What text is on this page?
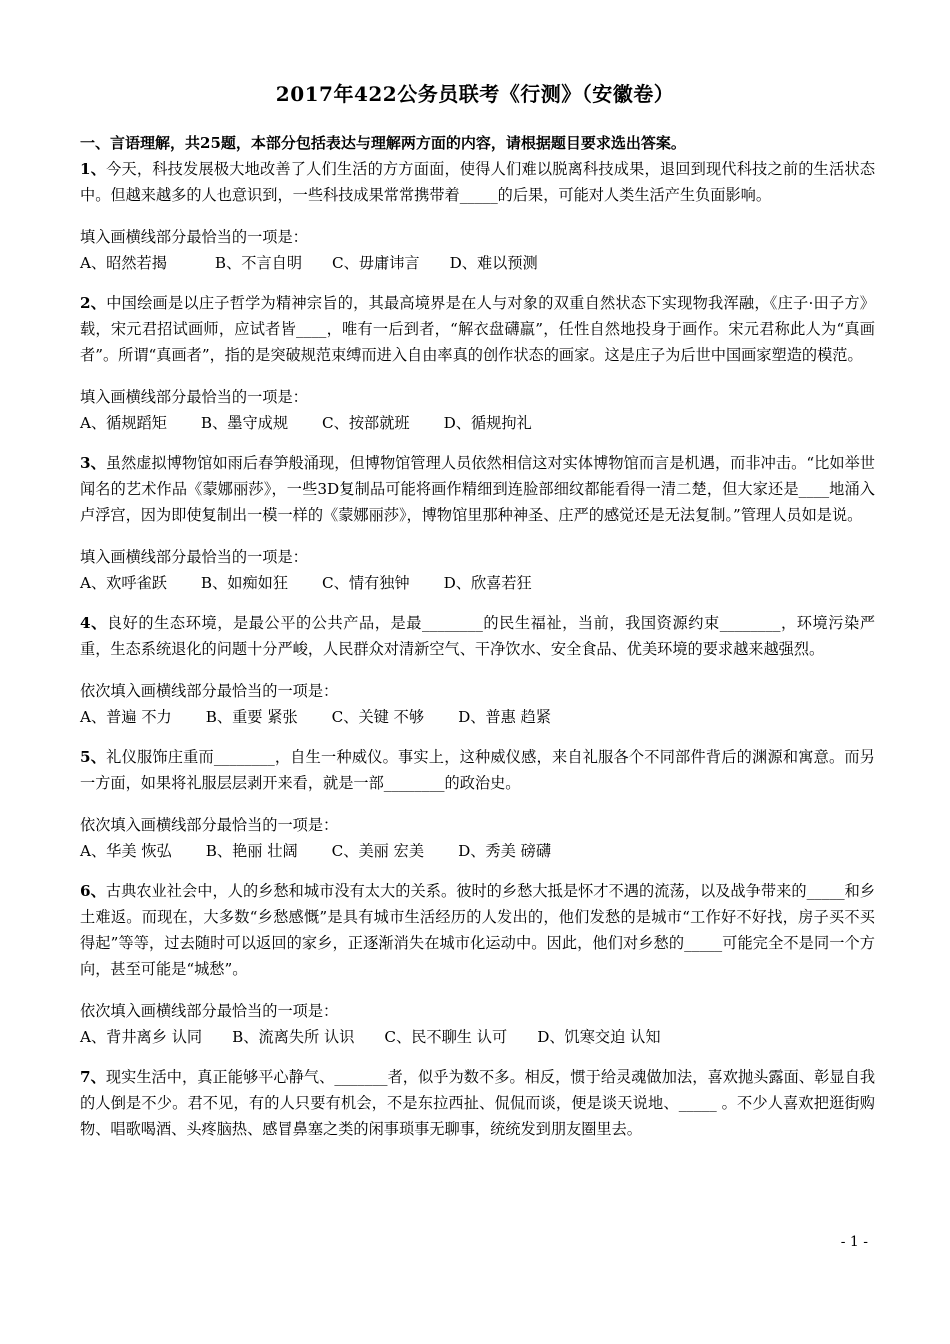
2017年422公务员联考《行测》（安徽卷）

一、言语理解，共25题，本部分包括表达与理解两方面的内容，请根据题目要求选出答案。

1、今天，科技发展极大地改善了人们生活的方方面面，使得人们难以脱离科技成果，退回到现代科技之前的生活状态中。但越来越多的人也意识到，一些科技成果常常携带着_____的后果，可能对人类生活产生负面影响。

填入画横线部分最恰当的一项是：

A、昭然若揭	B、不言自明 C、毋庸讳言 D、难以预测

2、中国绘画是以庄子哲学为精神宗旨的，其最高境界是在人与对象的双重自然状态下实现物我浑融，《庄子·田子方》载，宋元君招试画师，应试者皆____，唯有一后到者，“解衣盘礴羸”，任性自然地投身于画作。宋元君称此人为“真画者”。所谓“真画者”，指的是突破规范束缚而进入自由率真的创作状态的画家。这是庄子为后世中国画家塑造的模范。

填入画横线部分最恰当的一项是：

A、循规蹈矩 B、墨守成规 C、按部就班 D、循规拘礼

3、虽然虚拟博物馆如雨后春笋般涌现，但博物馆管理人员依然相信这对实体博物馆而言是机遇，而非冲击。“比如举世闻名的艺术作品《蒙娜丽莎》，一些3D复制品可能将画作精细到连脸部细纹都能看得一清二楚，但大家还是____地涌入卢浮宫，因为即使复制出一模一样的《蒙娜丽莎》，博物馆里那种神圣、庄严的感觉还是无法复制。”管理人员如是说。

填入画横线部分最恰当的一项是：

A、欢呼雀跃 B、如痴如狂 C、情有独钟 D、欣喜若狂

4、良好的生态环境，是最公平的公共产品，是最________的民生福祉，当前，我国资源约束________，环境污染严重，生态系统退化的问题十分严峻，人民群众对清新空气、干净饮水、安全食品、优美环境的要求越来越强烈。

依次填入画横线部分最恰当的一项是：

A、普遍 不力 B、重要 紧张 C、关键 不够 D、普惠 趋紧

5、礼仪服饰庄重而________，自生一种威仪。事实上，这种威仪感，来自礼服各个不同部件背后的渊源和寓意。而另一方面，如果将礼服层层剥开来看，就是一部________的政治史。

依次填入画横线部分最恰当的一项是：

A、华美 恢弘 B、艳丽 壮阔 C、美丽 宏美 D、秀美 磅礴

6、古典农业社会中，人的乡愁和城市没有太大的关系。彼时的乡愁大抵是怀才不遇的流荡，以及战争带来的_____和乡土难返。而现在，大多数“乡愁感慨”是具有城市生活经历的人发出的，他们发愁的是城市“工作好不好找，房子买不买得起”等等，过去随时可以返回的家乡，正逐渐消失在城市化运动中。因此，他们对乡愁的_____可能完全不是同一个方向，甚至可能是“城愁”。

依次填入画横线部分最恰当的一项是：

A、背井离乡 认同 B、流离失所 认识 C、民不聊生 认可 D、饥寒交迫 认知

7、现实生活中，真正能够平心静气、_______者，似乎为数不多。相反，惯于给灵魂做加法，喜欢抛头露面、彰显自我的人倒是不少。君不见，有的人只要有机会，不是东拉西扯、侃侃而谈，便是谈天说地、_____ 。不少人喜欢把逛街购物、唱歌喝酒、头疼脑热、感冒鼻塞之类的闲事琐事无聊事，统统发到朋友圈里去。

- 1 -
